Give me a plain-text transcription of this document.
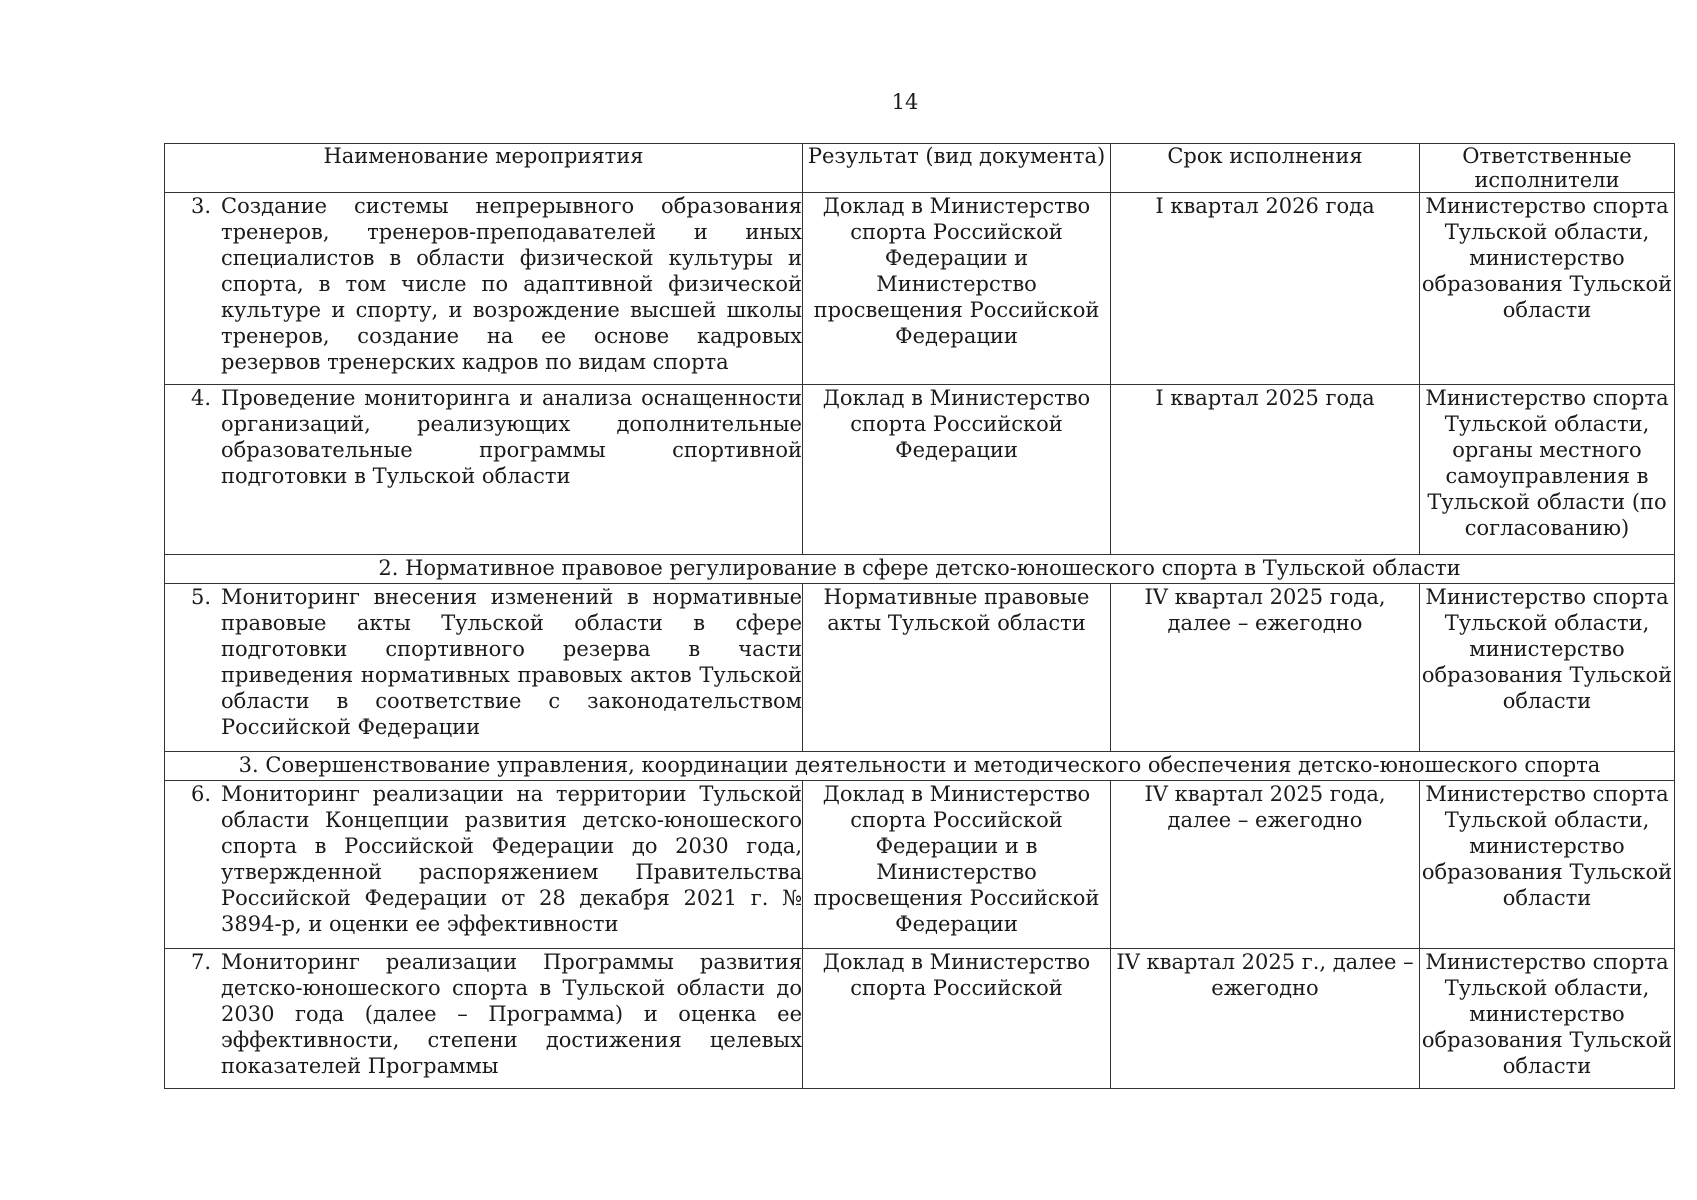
14
Наименование мероприятия	Результат (вид документа)	Срок исполнения	Ответственные исполнители

3. Создание системы непрерывного образования тренеров, тренеров-преподавателей и иных специалистов в области физической культуры и спорта, в том числе по адаптивной физической культуре и спорту, и возрождение высшей школы тренеров, создание на ее основе кадровых резервов тренерских кадров по видам спорта	Доклад в Министерство спорта Российской Федерации и Министерство просвещения Российской Федерации	I квартал 2026 года	Министерство спорта Тульской области, министерство образования Тульской области

4. Проведение мониторинга и анализа оснащенности организаций, реализующих дополнительные образовательные программы спортивной подготовки в Тульской области	Доклад в Министерство спорта Российской Федерации	I квартал 2025 года	Министерство спорта Тульской области, органы местного самоуправления в Тульской области (по согласованию)
2. Нормативное правовое регулирование в сфере детско-юношеского спорта в Тульской области			

5. Мониторинг внесения изменений в нормативные правовые акты Тульской области в сфере подготовки спортивного резерва в части приведения нормативных правовых актов Тульской области в соответствие с законодательством Российской Федерации	Нормативные правовые акты Тульской области	IV квартал 2025 года, далее – ежегодно	Министерство спорта Тульской области, министерство образования Тульской области
3. Совершенствование управления, координации деятельности и методического обеспечения детско-юношеского спорта			

6. Мониторинг реализации на территории Тульской области Концепции развития детско-юношеского спорта в Российской Федерации до 2030 года, утвержденной распоряжением Правительства Российской Федерации от 28 декабря 2021 г. № 3894-р, и оценки ее эффективности	Доклад в Министерство спорта Российской Федерации и в Министерство просвещения Российской Федерации	IV квартал 2025 года, далее – ежегодно	Министерство спорта Тульской области, министерство образования Тульской области

7. Мониторинг реализации Программы развития детско-юношеского спорта в Тульской области до 2030 года (далее – Программа) и оценка ее эффективности, степени достижения целевых показателей Программы	Доклад в Министерство спорта Российской	IV квартал 2025 г., далее – ежегодно	Министерство спорта Тульской области, министерство образования Тульской области
